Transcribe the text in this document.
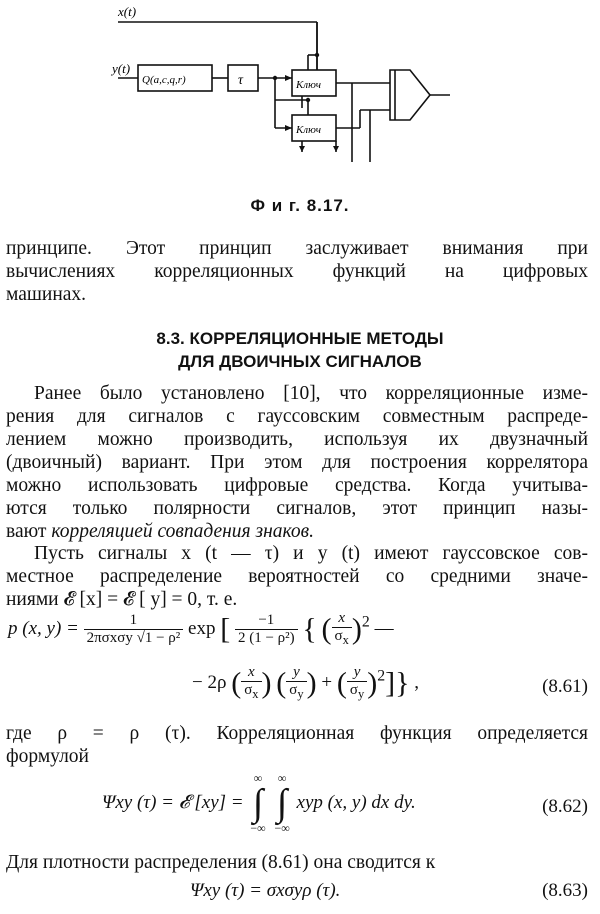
x(t)
y(t)
Q(a,c,q,r)	τ	Ключ
Ключ
Ф и г. 8.17.
принципе. Этот принцип заслуживает внимания при
вычислениях корреляционных функций на цифровых
машинах.
8.3. КОРРЕЛЯЦИОННЫЕ МЕТОДЫ
ДЛЯ ДВОИЧНЫХ СИГНАЛОВ
Ранее было установлено [10], что корреляционные изме-
рения для сигналов с гауссовским совместным распреде-
лением можно производить, используя их двузначный
(двоичный) вариант. При этом для построения коррелятора
можно использовать цифровые средства. Когда учитыва-
ются только полярности сигналов, этот принцип назы-
вают корреляцией совпадения знаков.
Пусть сигналы x (t — τ) и y (t) имеют гауссовское сов-
местное распределение вероятностей со средними значе-
ниями 𝓔 [x] = 𝓔 [ y] = 0, т. е.
p (x, $y) = \frac{1}{\text{2πσxσy √1 − ρ²}}$ exp [ $\frac{-1}{\text{2 (1 − ρ²)}}$ { ( $\frac{x}{\sigma_x} )^2$ —
− 2ρ ( $\frac{x}{\sigma_x}$ ) ( $\frac{y}{\sigma_y}$ ) + ( $\frac{y}{\sigma_y} )^2$]} ,	(8.61)
где ρ = ρ (τ). Корреляционная функция определяется
формулой
Ψxy (τ) = 𝓔 [xy] = ∞
∫
−∞ ∞
∫
−∞ xyp (x, y) dx dy.	(8.62)
Для плотности распределения (8.61) она сводится к
Ψxy (τ) = σxσyρ (τ).	(8.63)
